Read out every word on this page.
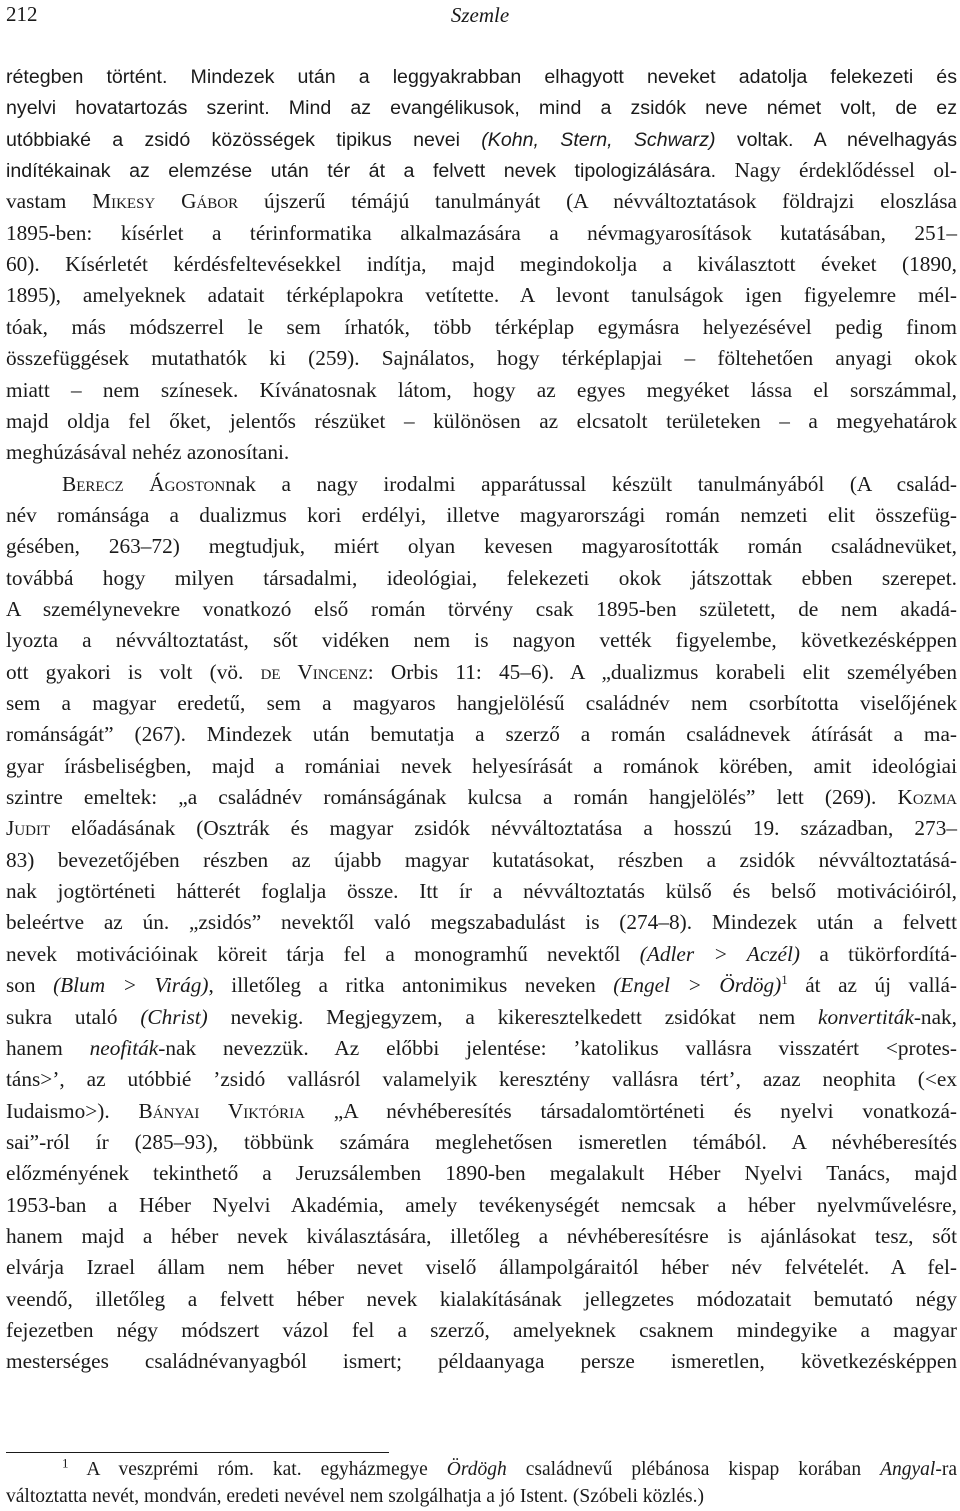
212	Szemle
rétegben történt. Mindezek után a leggyakrabban elhagyott neveket adatolja felekezeti és
nyelvi hovatartozás szerint. Mind az evangélikusok, mind a zsidók neve német volt, de ez
utóbbiaké a zsidó közösségek tipikus nevei (Kohn, Stern, Schwarz) voltak. A névelhagyás
indítékainak az elemzése után tér át a felvett nevek tipologizálására. Nagy érdeklődéssel ol-
vastam Mikesy Gábor újszerű témájú tanulmányát (A névváltoztatások földrajzi eloszlása
1895-ben: kísérlet a térinformatika alkalmazására a névmagyarosítások kutatásában, 251–
60). Kísérletét kérdésfeltevésekkel indítja, majd megindokolja a kiválasztott éveket (1890,
1895), amelyeknek adatait térképlapokra vetítette. A levont tanulságok igen figyelemre mél-
tóak, más módszerrel le sem írhatók, több térképlap egymásra helyezésével pedig finom
összefüggések mutathatók ki (259). Sajnálatos, hogy térképlapjai – föltehetően anyagi okok
miatt – nem színesek. Kívánatosnak látom, hogy az egyes megyéket lássa el sorszámmal,
majd oldja fel őket, jelentős részüket – különösen az elcsatolt területeken – a megyehatárok
meghúzásával nehéz azonosítani.
Berecz Ágostonnak a nagy irodalmi apparátussal készült tanulmányából (A család-
név románsága a dualizmus kori erdélyi, illetve magyarországi román nemzeti elit összefüg-
gésében, 263–72) megtudjuk, miért olyan kevesen magyarosították román családnevüket,
továbbá hogy milyen társadalmi, ideológiai, felekezeti okok játszottak ebben szerepet.
A személynevekre vonatkozó első román törvény csak 1895-ben született, de nem akadá-
lyozta a névváltoztatást, sőt vidéken nem is nagyon vették figyelembe, következésképpen
ott gyakori is volt (vö. de Vincenz: Orbis 11: 45–6). A „dualizmus korabeli elit személyében
sem a magyar eredetű, sem a magyaros hangjelölésű családnév nem csorbította viselőjének
románságát” (267). Mindezek után bemutatja a szerző a román családnevek átírását a ma-
gyar írásbeliségben, majd a romániai nevek helyesírását a románok körében, amit ideológiai
szintre emeltek: „a családnév románságának kulcsa a román hangjelölés” lett (269). Kozma
Judit előadásának (Osztrák és magyar zsidók névváltoztatása a hosszú 19. században, 273–
83) bevezetőjében részben az újabb magyar kutatásokat, részben a zsidók névváltoztatásá-
nak jogtörténeti hátterét foglalja össze. Itt ír a névváltoztatás külső és belső motivációiról,
beleértve az ún. „zsidós” nevektől való megszabadulást is (274–8). Mindezek után a felvett
nevek motivációinak köreit tárja fel a monogramhű nevektől (Adler > Aczél) a tükörfordítá-
son (Blum > Virág), illetőleg a ritka antonimikus neveken (Engel > Ördög)$^1$ át az új vallá-
sukra utaló (Christ) nevekig. Megjegyzem, a kikeresztelkedett zsidókat nem konvertiták-nak,
hanem neofiták-nak nevezzük. Az előbbi jelentése: ’katolikus vallásra visszatért <protes-
táns>’, az utóbbié ’zsidó vallásról valamelyik keresztény vallásra tért’, azaz neophita (<ex
Iudaismo>). Bányai Viktória „A névhéberesítés társadalomtörténeti és nyelvi vonatkozá-
sai”-ról ír (285–93), többünk számára meglehetősen ismeretlen témából. A névhéberesítés
előzményének tekinthető a Jeruzsálemben 1890-ben megalakult Héber Nyelvi Tanács, majd
1953-ban a Héber Nyelvi Akadémia, amely tevékenységét nemcsak a héber nyelvművelésre,
hanem majd a héber nevek kiválasztására, illetőleg a névhéberesítésre is ajánlásokat tesz, sőt
elvárja Izrael állam nem héber nevet viselő állampolgáraitól héber név felvételét. A fel-
veendő, illetőleg a felvett héber nevek kialakításának jellegzetes módozatait bemutató négy
fejezetben négy módszert vázol fel a szerző, amelyeknek csaknem mindegyike a magyar
mesterséges családnévanyagból ismert; példaanyaga persze ismeretlen, következésképpen
$^1$ A veszprémi róm. kat. egyházmegye Ördögh családnevű plébánosa kispap korában Angyal-ra
változtatta nevét, mondván, eredeti nevével nem szolgálhatja a jó Istent. (Szóbeli közlés.)
